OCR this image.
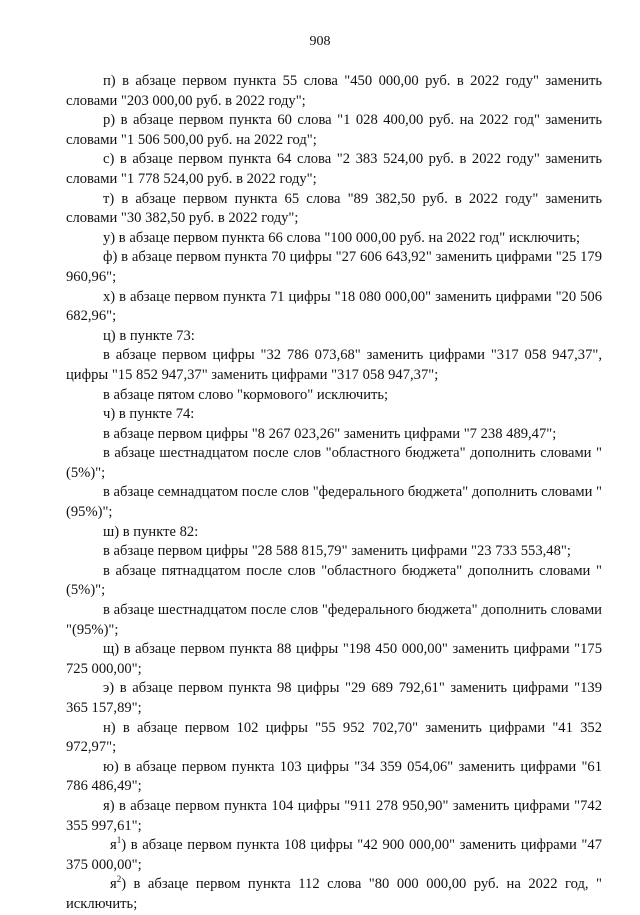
908

п) в абзаце первом пункта 55 слова "450 000,00 руб. в 2022 году" заменить словами "203 000,00 руб. в 2022 году";

р) в абзаце первом пункта 60 слова "1 028 400,00 руб. на 2022 год" заменить словами "1 506 500,00 руб. на 2022 год";

с) в абзаце первом пункта 64 слова "2 383 524,00 руб. в 2022 году" заменить словами "1 778 524,00 руб. в 2022 году";

т) в абзаце первом пункта 65 слова "89 382,50 руб. в 2022 году" заменить словами "30 382,50 руб. в 2022 году";

у) в абзаце первом пункта 66 слова "100 000,00 руб. на 2022 год" исключить;

ф) в абзаце первом пункта 70 цифры "27 606 643,92" заменить цифрами "25 179 960,96";

х) в абзаце первом пункта 71 цифры "18 080 000,00" заменить цифрами "20 506 682,96";

ц) в пункте 73:

в абзаце первом цифры "32 786 073,68" заменить цифрами "317 058 947,37", цифры "15 852 947,37" заменить цифрами "317 058 947,37";

в абзаце пятом слово "кормового" исключить;

ч) в пункте 74:

в абзаце первом цифры "8 267 023,26" заменить цифрами "7 238 489,47";

в абзаце шестнадцатом после слов "областного бюджета" дополнить словами " (5%)";

в абзаце семнадцатом после слов "федерального бюджета" дополнить словами "(95%)";

ш) в пункте 82:

в абзаце первом цифры "28 588 815,79" заменить цифрами "23 733 553,48";

в абзаце пятнадцатом после слов "областного бюджета" дополнить словами "(5%)";

в абзаце шестнадцатом после слов "федерального бюджета" дополнить словами "(95%)";

щ) в абзаце первом пункта 88 цифры "198 450 000,00" заменить цифрами "175 725 000,00";

э) в абзаце первом пункта 98 цифры "29 689 792,61" заменить цифрами "139 365 157,89";

н) в абзаце первом 102 цифры "55 952 702,70" заменить цифрами "41 352 972,97";

ю) в абзаце первом пункта 103 цифры "34 359 054,06" заменить цифрами "61 786 486,49";

я) в абзаце первом пункта 104 цифры "911 278 950,90" заменить цифрами "742 355 997,61";

$я^1$) в абзаце первом пункта 108 цифры "42 900 000,00" заменить цифрами "47 375 000,00";

$я^2$) в абзаце первом пункта 112 слова "80 000 000,00 руб. на 2022 год, " исключить;
